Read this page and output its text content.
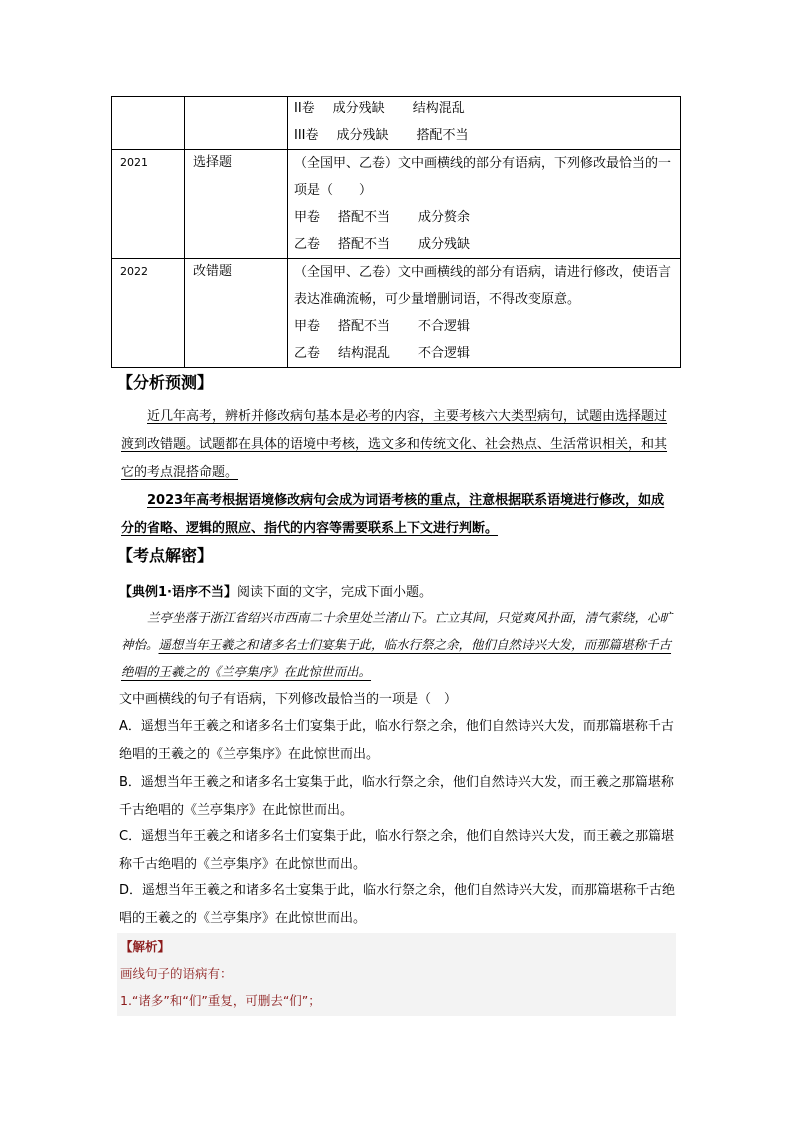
		II卷 成分残缺 结构混乱
III卷 成分残缺 搭配不当

2021	选择题	（全国甲、乙卷）文中画横线的部分有语病，下列修改最恰当的一项是（　　）
甲卷 搭配不当 成分赘余
乙卷 搭配不当 成分残缺

2022	改错题	（全国甲、乙卷）文中画横线的部分有语病，请进行修改，使语言表达准确流畅，可少量增删词语，不得改变原意。
甲卷 搭配不当 不合逻辑
乙卷 结构混乱 不合逻辑
【分析预测】
近几年高考，辨析并修改病句基本是必考的内容，主要考核六大类型病句，试题由选择题过渡到改错题。试题都在具体的语境中考核，选文多和传统文化、社会热点、生活常识相关，和其它的考点混搭命题。
2023年高考根据语境修改病句会成为词语考核的重点，注意根据联系语境进行修改，如成分的省略、逻辑的照应、指代的内容等需要联系上下文进行判断。
【考点解密】
【典例1·语序不当】阅读下面的文字，完成下面小题。
兰亭坐落于浙江省绍兴市西南二十余里处兰渚山下。亡立其间，只觉爽风扑面，清气萦绕，心旷神怡。遥想当年王羲之和诸多名士们宴集于此，临水行祭之余，他们自然诗兴大发，而那篇堪称千古绝唱的王羲之的《兰亭集序》在此惊世而出。
文中画横线的句子有语病，下列修改最恰当的一项是（　）
A．遥想当年王羲之和诸多名士们宴集于此，临水行祭之余，他们自然诗兴大发，而那篇堪称千古绝唱的王羲之的《兰亭集序》在此惊世而出。
B．遥想当年王羲之和诸多名士宴集于此，临水行祭之余，他们自然诗兴大发，而王羲之那篇堪称千古绝唱的《兰亭集序》在此惊世而出。
C．遥想当年王羲之和诸多名士们宴集于此，临水行祭之余，他们自然诗兴大发，而王羲之那篇堪称千古绝唱的《兰亭集序》在此惊世而出。
D．遥想当年王羲之和诸多名士宴集于此，临水行祭之余，他们自然诗兴大发，而那篇堪称千古绝唱的王羲之的《兰亭集序》在此惊世而出。
【解析】
画线句子的语病有：
1.“诸多”和“们”重复，可删去“们”；
